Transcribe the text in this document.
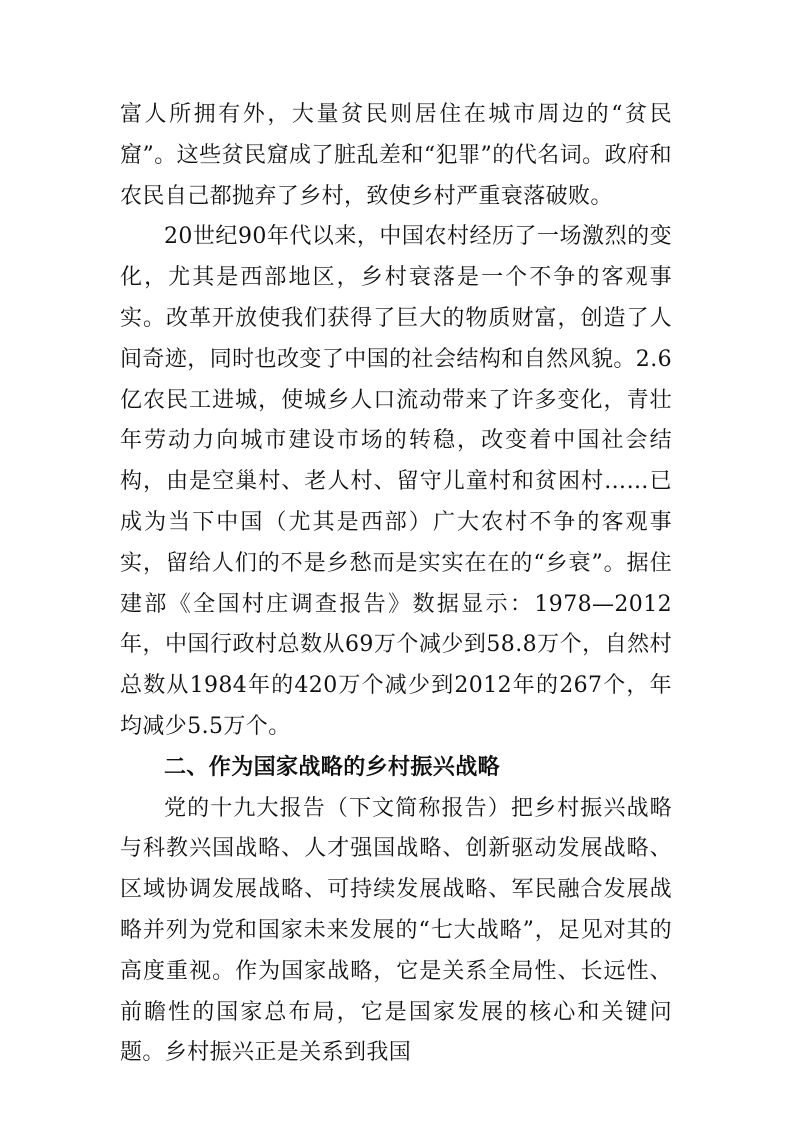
富人所拥有外，大量贫民则居住在城市周边的“贫民窟”。这些贫民窟成了脏乱差和“犯罪”的代名词。政府和农民自己都抛弃了乡村，致使乡村严重衰落破败。

20世纪90年代以来，中国农村经历了一场激烈的变化，尤其是西部地区，乡村衰落是一个不争的客观事实。改革开放使我们获得了巨大的物质财富，创造了人间奇迹，同时也改变了中国的社会结构和自然风貌。2.6亿农民工进城，使城乡人口流动带来了许多变化，青壮年劳动力向城市建设市场的转稳，改变着中国社会结构，由是空巢村、老人村、留守儿童村和贫困村……已成为当下中国（尤其是西部）广大农村不争的客观事实，留给人们的不是乡愁而是实实在在的“乡衰”。据住建部《全国村庄调查报告》数据显示：1978—2012年，中国行政村总数从69万个减少到58.8万个，自然村总数从1984年的420万个减少到2012年的267个，年均减少5.5万个。

二、作为国家战略的乡村振兴战略

党的十九大报告（下文简称报告）把乡村振兴战略与科教兴国战略、人才强国战略、创新驱动发展战略、区域协调发展战略、可持续发展战略、军民融合发展战略并列为党和国家未来发展的“七大战略”，足见对其的高度重视。作为国家战略，它是关系全局性、长远性、前瞻性的国家总布局，它是国家发展的核心和关键问题。乡村振兴正是关系到我国
